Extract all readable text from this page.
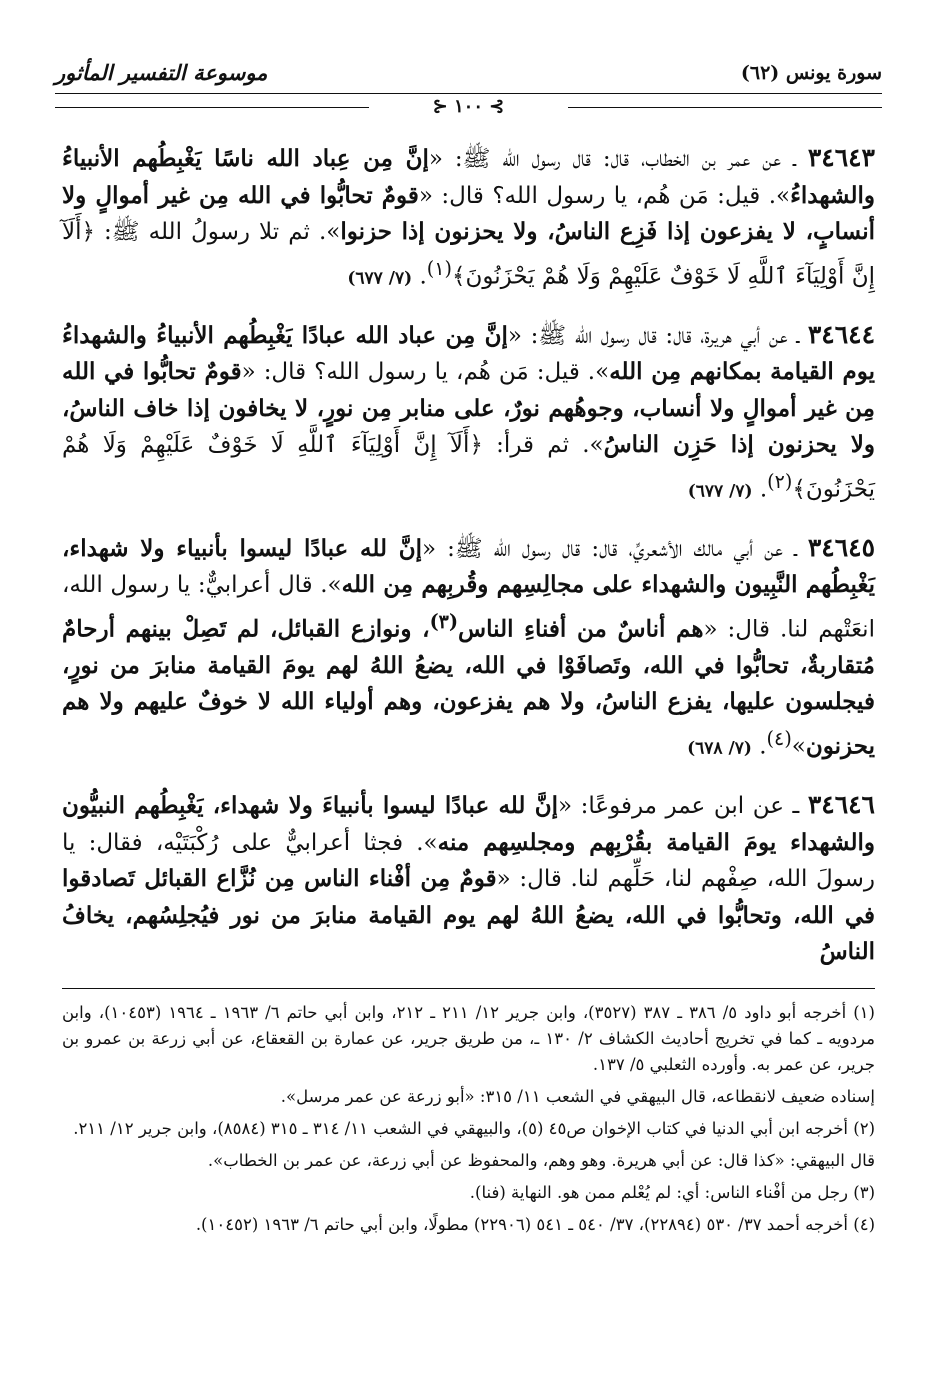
موسوعة التفسير المأثور	سورة يونس (٦٢)
⊱ ١٠٠ ⊰

٣٤٦٤٣ ـ عن عمر بن الخطاب، قال: قال رسول الله ﷺ: «إنَّ مِن عِباد الله ناسًا يَغْبِطُهم الأنبياءُ والشهداءُ». قيل: مَن هُم، يا رسول الله؟ قال: «قومٌ تحابُّوا في الله مِن غير أموالٍ ولا أنسابٍ، لا يفزعون إذا فَزِع الناسُ، ولا يحزنون إذا حزنوا». ثم تلا رسولُ الله ﷺ: ﴿أَلَآ إِنَّ أَوْلِيَآءَ ٱللَّهِ لَا خَوْفٌ عَلَيْهِمْ وَلَا هُمْ يَحْزَنُونَ﴾$^{(١)}$. (٧/ ٦٧٧)

٣٤٦٤٤ ـ عن أبي هريرة، قال: قال رسول الله ﷺ: «إنَّ مِن عباد الله عبادًا يَغْبِطُهم الأنبياءُ والشهداءُ يوم القيامة بمكانهم مِن الله». قيل: مَن هُم، يا رسول الله؟ قال: «قومٌ تحابُّوا في الله مِن غير أموالٍ ولا أنساب، وجوهُهم نورٌ، على منابر مِن نورٍ، لا يخافون إذا خاف الناسُ، ولا يحزنون إذا حَزِن الناسُ». ثم قرأ: ﴿أَلَآ إِنَّ أَوْلِيَآءَ ٱللَّهِ لَا خَوْفٌ عَلَيْهِمْ وَلَا هُمْ يَحْزَنُونَ﴾$^{(٢)}$. (٧/ ٦٧٧)

٣٤٦٤٥ ـ عن أبي مالك الأشعريِّ، قال: قال رسول الله ﷺ: «إنَّ لله عبادًا ليسوا بأنبياء ولا شهداء، يَغْبِطُهم النَّبِيون والشهداء على مجالِسِهم وقُربِهم مِن الله». قال أعرابيٌّ: يا رسول الله، انعَتْهم لنا. قال: «هم أناسٌ من أفناءِ الناس$^{(٣)}$، ونوازع القبائل، لم تَصِلْ بينهم أرحامٌ مُتقاربةٌ، تحابُّوا في الله، وتَصافَوْا في الله، يضعُ اللهُ لهم يومَ القيامة منابرَ من نورٍ، فيجلسون عليها، يفزع الناسُ، ولا هم يفزعون، وهم أولياء الله لا خوفٌ عليهم ولا هم يحزنون»$^{(٤)}$. (٧/ ٦٧٨)

٣٤٦٤٦ ـ عن ابن عمر مرفوعًا: «إنَّ لله عبادًا ليسوا بأنبياءَ ولا شهداء، يَغْبِطُهم النبيُّون والشهداء يومَ القيامة بقُرْبِهم ومجلسِهم منه». فجثا أعرابيٌّ على رُكْبَتَيْه، فقال: يا رسولَ الله، صِفْهم لنا، حَلِّهم لنا. قال: «قومٌ مِن أفْناء الناس مِن نُزَّاع القبائل تَصادقوا في الله، وتحابُّوا في الله، يضعُ اللهُ لهم يوم القيامة منابرَ من نور فيُجلِسُهم، يخافُ الناسُ

(١) أخرجه أبو داود ٥/ ٣٨٦ ـ ٣٨٧ (٣٥٢٧)، وابن جرير ١٢/ ٢١١ ـ ٢١٢، وابن أبي حاتم ٦/ ١٩٦٣ ـ ١٩٦٤ (١٠٤٥٣)، وابن مردويه ـ كما في تخريج أحاديث الكشاف ٢/ ١٣٠ ـ، من طريق جرير، عن عمارة بن القعقاع، عن أبي زرعة بن عمرو بن جرير، عن عمر به. وأورده الثعلبي ٥/ ١٣٧.

إسناده ضعيف لانقطاعه، قال البيهقي في الشعب ١١/ ٣١٥: «أبو زرعة عن عمر مرسل».

(٢) أخرجه ابن أبي الدنيا في كتاب الإخوان ص٤٥ (٥)، والبيهقي في الشعب ١١/ ٣١٤ ـ ٣١٥ (٨٥٨٤)، وابن جرير ١٢/ ٢١١.

قال البيهقي: «كذا قال: عن أبي هريرة. وهو وهم، والمحفوظ عن أبي زرعة، عن عمر بن الخطاب».

(٣) رجل من أفْناء الناس: أي: لم يُعْلم ممن هو. النهاية (فنا).

(٤) أخرجه أحمد ٣٧/ ٥٣٠ (٢٢٨٩٤)، ٣٧/ ٥٤٠ ـ ٥٤١ (٢٢٩٠٦) مطولًا، وابن أبي حاتم ٦/ ١٩٦٣ (١٠٤٥٢).
